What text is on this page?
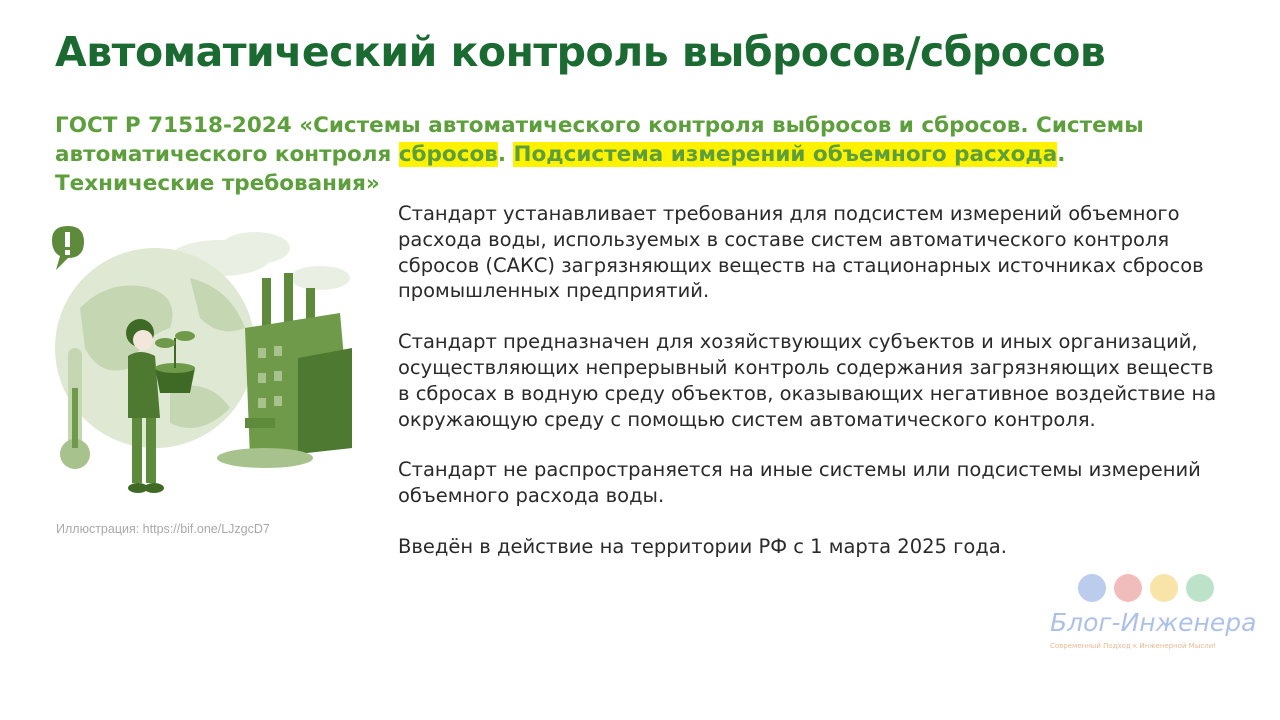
Автоматический контроль выбросов/сбросов

ГОСТ Р 71518-2024 «Системы автоматического контроля выбросов и сбросов. Системы автоматического контроля сбросов. Подсистема измерений объемного расхода. Технические требования»

Иллюстрация: https://bif.one/LJzgcD7

Стандарт устанавливает требования для подсистем измерений объемного расхода воды, используемых в составе систем автоматического контроля сбросов (САКС) загрязняющих веществ на стационарных источниках сбросов промышленных предприятий.

Стандарт предназначен для хозяйствующих субъектов и иных организаций, осуществляющих непрерывный контроль содержания загрязняющих веществ в сбросах в водную среду объектов, оказывающих негативное воздействие на окружающую среду с помощью систем автоматического контроля.

Стандарт не распространяется на иные системы или подсистемы измерений объемного расхода воды.

Введён в действие на территории РФ с 1 марта 2025 года.

Блог-Инженера
Современный Подход к Инженерной Мысли!
